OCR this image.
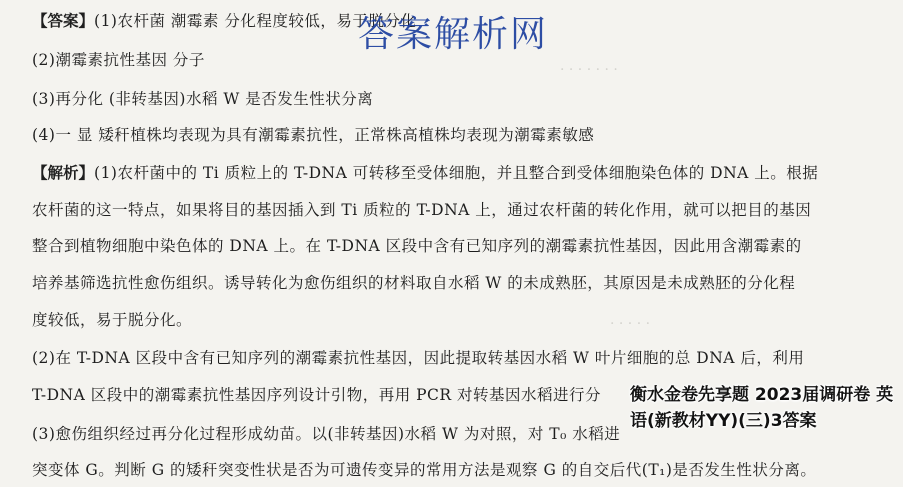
· · · · · · ·
· · · · ·
【答案】(1)农杆菌 潮霉素 分化程度较低，易于脱分化
答案解析网
(2)潮霉素抗性基因 分子
(3)再分化 (非转基因)水稻 W 是否发生性状分离
(4)一 显 矮秆植株均表现为具有潮霉素抗性，正常株高植株均表现为潮霉素敏感
【解析】(1)农杆菌中的 Ti 质粒上的 T-DNA 可转移至受体细胞，并且整合到受体细胞染色体的 DNA 上。根据
农杆菌的这一特点，如果将目的基因插入到 Ti 质粒的 T-DNA 上，通过农杆菌的转化作用，就可以把目的基因
整合到植物细胞中染色体的 DNA 上。在 T-DNA 区段中含有已知序列的潮霉素抗性基因，因此用含潮霉素的
培养基筛选抗性愈伤组织。诱导转化为愈伤组织的材料取自水稻 W 的未成熟胚，其原因是未成熟胚的分化程
度较低，易于脱分化。
(2)在 T-DNA 区段中含有已知序列的潮霉素抗性基因，因此提取转基因水稻 W 叶片细胞的总 DNA 后，利用
T-DNA 区段中的潮霉素抗性基因序列设计引物，再用 PCR 对转基因水稻进行分
(3)愈伤组织经过再分化过程形成幼苗。以(非转基因)水稻 W 为对照，对 T₀ 水稻进
突变体 G。判断 G 的矮秆突变性状是否为可遗传变异的常用方法是观察 G 的自交后代(T₁)是否发生性状分离。
衡水金卷先享题 2023届调研卷 英语(新教材YY)(三)3答案
